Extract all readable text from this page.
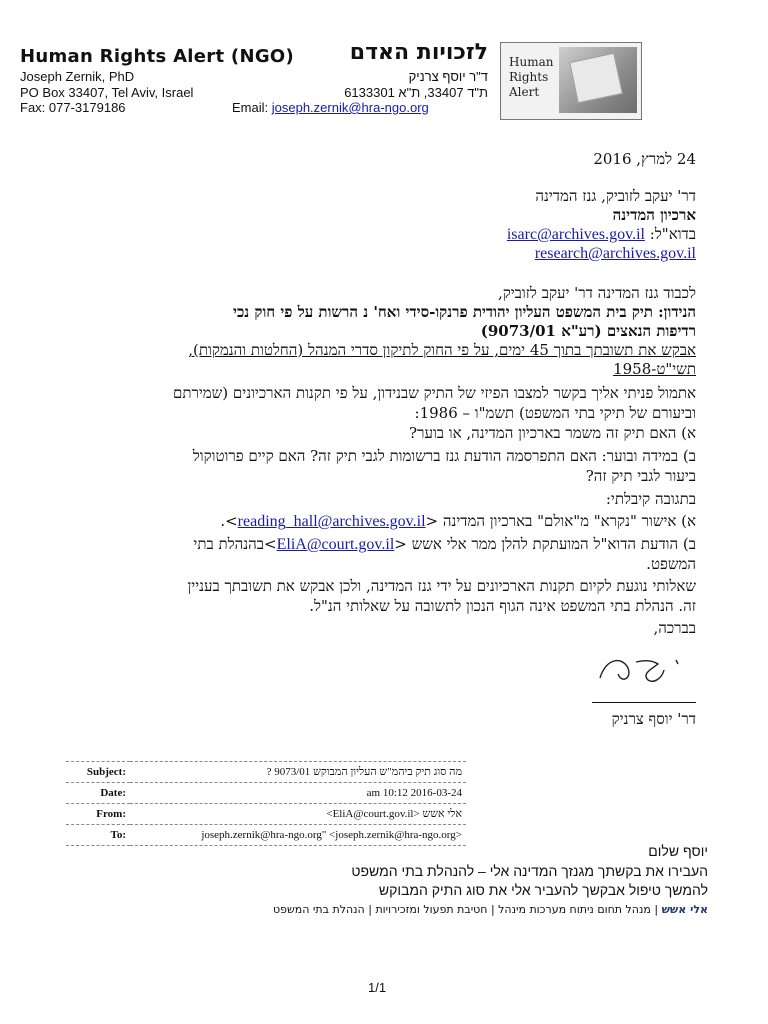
Human Rights Alert (NGO)	לזכויות האדם
Joseph Zernik, PhD	ד"ר יוסף צרניק
PO Box 33407, Tel Aviv, Israel	ת"ד 33407, ת"א 6133301
Fax: 077-3179186	Email: joseph.zernik@hra-ngo.org
Human
Rights
Alert
24 למרץ, 2016
דר' יעקב לזוביק, גנז המדינה
ארכיון המדינה
בדוא"ל: isarc@archives.gov.il
research@archives.gov.il
לכבוד גנז המדינה דר' יעקב לזוביק,
הנידון: תיק בית המשפט העליון יהודית פרנקו-סידי ואח' נ הרשות על פי חוק נכי
רדיפות הנאצים (רע"א 9073/01)
אבקש את תשובתך בתוך 45 ימים, על פי החוק לתיקון סדרי המנהל (החלטות והנמקות),
תשי"ט-1958
אתמול פניתי אליך בקשר למצבו הפיזי של התיק שבנידון, על פי תקנות הארכיונים (שמירתם
וביעורם של תיקי בתי המשפט) תשמ"ו – 1986:
א) האם תיק זה משמר בארכיון המדינה, או בוער?
ב) במידה ובוער: האם התפרסמה הודעת גנז ברשומות לגבי תיק זה? האם קיים פרוטוקול
ביעור לגבי תיק זה?
בתגובה קיבלתי:
א) אישור "נקרא" מ"אולם" בארכיון המדינה <reading_hall@archives.gov.il>.
ב) הודעת הדוא"ל המועתקת להלן ממר אלי אשש <EliA@court.gov.il>בהנהלת בתי
המשפט.
שאלותי נוגעת לקיום תקנות הארכיונים על ידי גנז המדינה, ולכן אבקש את תשובתך בעניין
זה. הנהלת בתי המשפט אינה הגוף הנכון לתשובה על שאלותי הנ"ל.
בברכה,
דר' יוסף צרניק
Subject:	מה סוג תיק ביהמ"ש העליון המבוקש 9073/01 ?
Date:	2016-03-24 10:12 am
From:	אלי אשש <EliA@court.gov.il>
To:	<joseph.zernik@hra-ngo.org" <joseph.zernik@hra-ngo.org
יוסף שלום
העבירו את בקשתך מגנזך המדינה אלי – להנהלת בתי המשפט
להמשך טיפול אבקשך להעביר אלי את סוג התיק המבוקש
אלי אשש | מנהל תחום ניתוח מערכות מינהל | חטיבת תפעול ומזכירויות | הנהלת בתי המשפט
1/1
